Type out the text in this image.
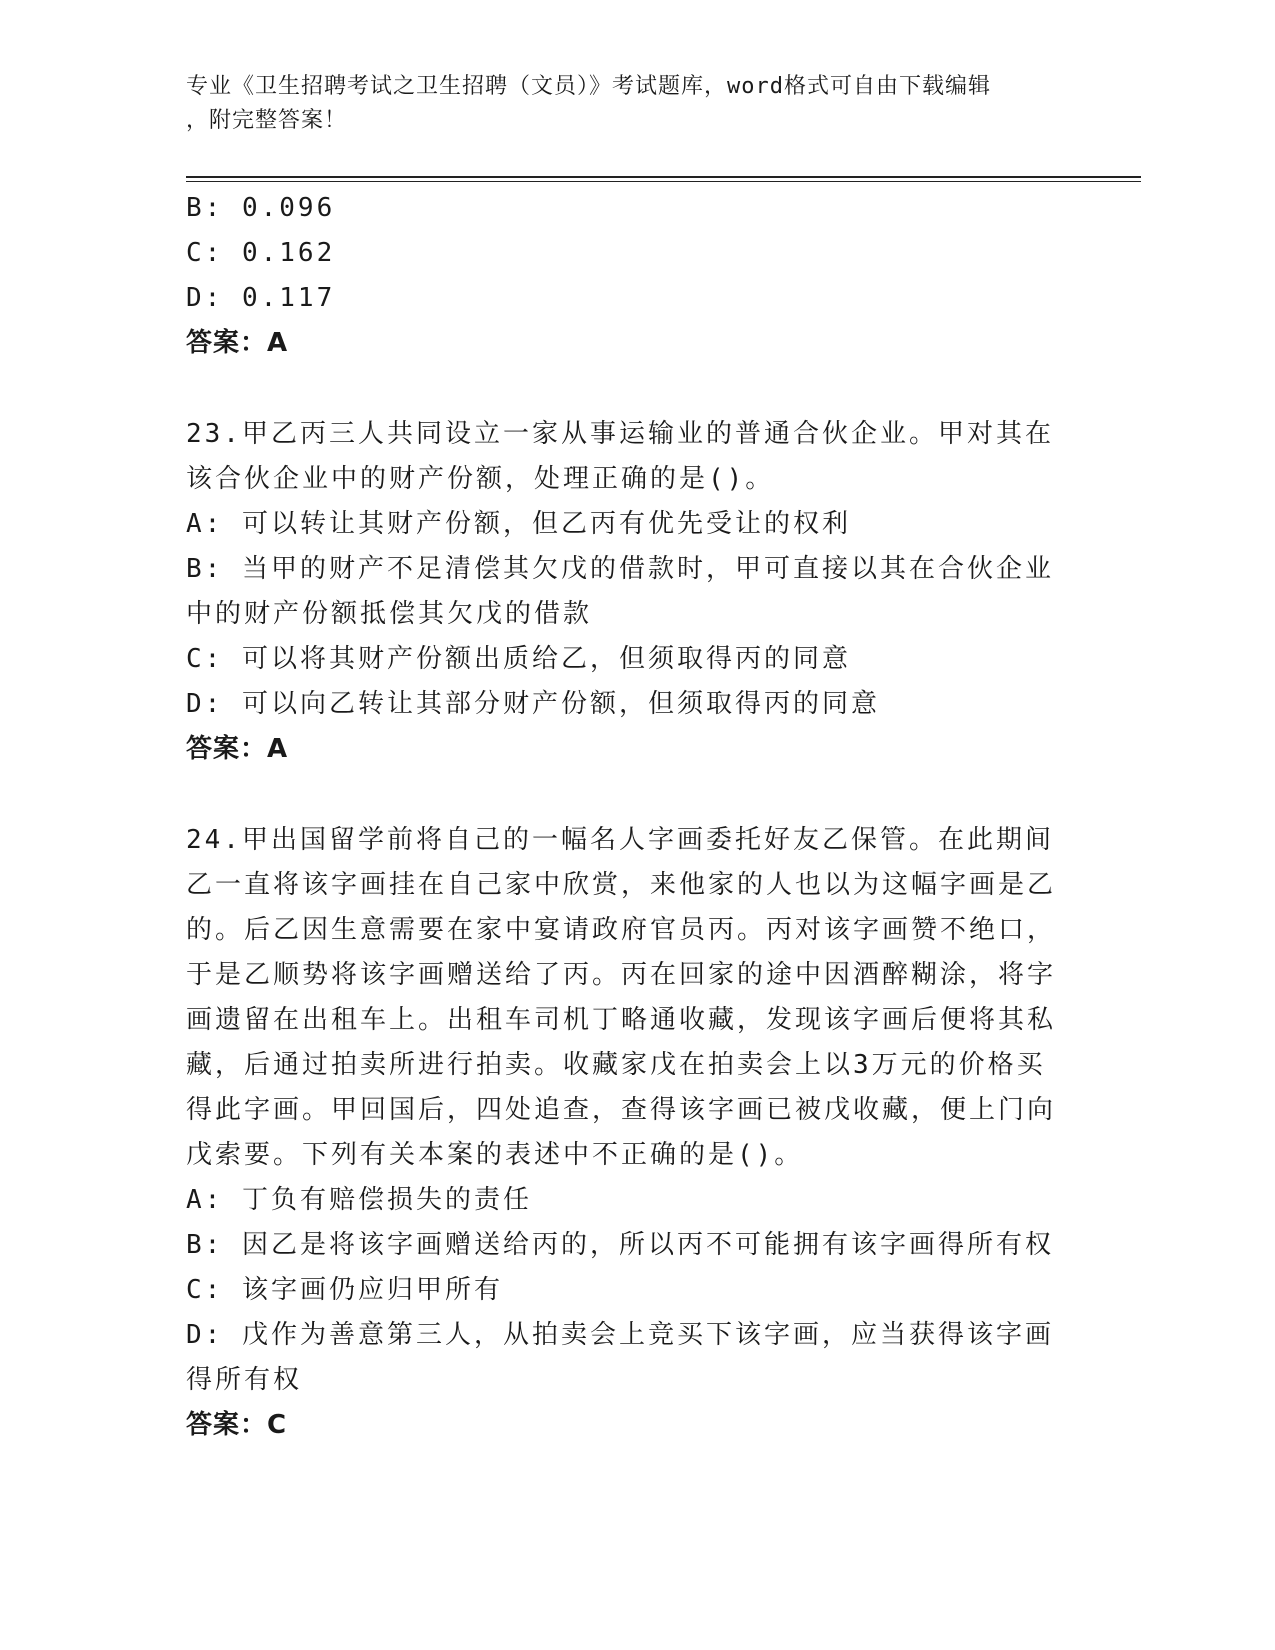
专业《卫生招聘考试之卫生招聘（文员）》考试题库，word格式可自由下载编辑
，附完整答案！

B: 0.096

C: 0.162

D: 0.117

答案：A

23.甲乙丙三人共同设立一家从事运输业的普通合伙企业。甲对其在该合伙企业中的财产份额，处理正确的是()。

A: 可以转让其财产份额，但乙丙有优先受让的权利

B: 当甲的财产不足清偿其欠戊的借款时，甲可直接以其在合伙企业中的财产份额抵偿其欠戊的借款

C: 可以将其财产份额出质给乙，但须取得丙的同意

D: 可以向乙转让其部分财产份额，但须取得丙的同意

答案：A

24.甲出国留学前将自己的一幅名人字画委托好友乙保管。在此期间乙一直将该字画挂在自己家中欣赏，来他家的人也以为这幅字画是乙的。后乙因生意需要在家中宴请政府官员丙。丙对该字画赞不绝口，于是乙顺势将该字画赠送给了丙。丙在回家的途中因酒醉糊涂，将字画遗留在出租车上。出租车司机丁略通收藏，发现该字画后便将其私藏，后通过拍卖所进行拍卖。收藏家戊在拍卖会上以3万元的价格买得此字画。甲回国后，四处追查，查得该字画已被戊收藏，便上门向戊索要。下列有关本案的表述中不正确的是()。

A: 丁负有赔偿损失的责任

B: 因乙是将该字画赠送给丙的，所以丙不可能拥有该字画得所有权

C: 该字画仍应归甲所有

D: 戊作为善意第三人，从拍卖会上竞买下该字画，应当获得该字画得所有权

答案：C
